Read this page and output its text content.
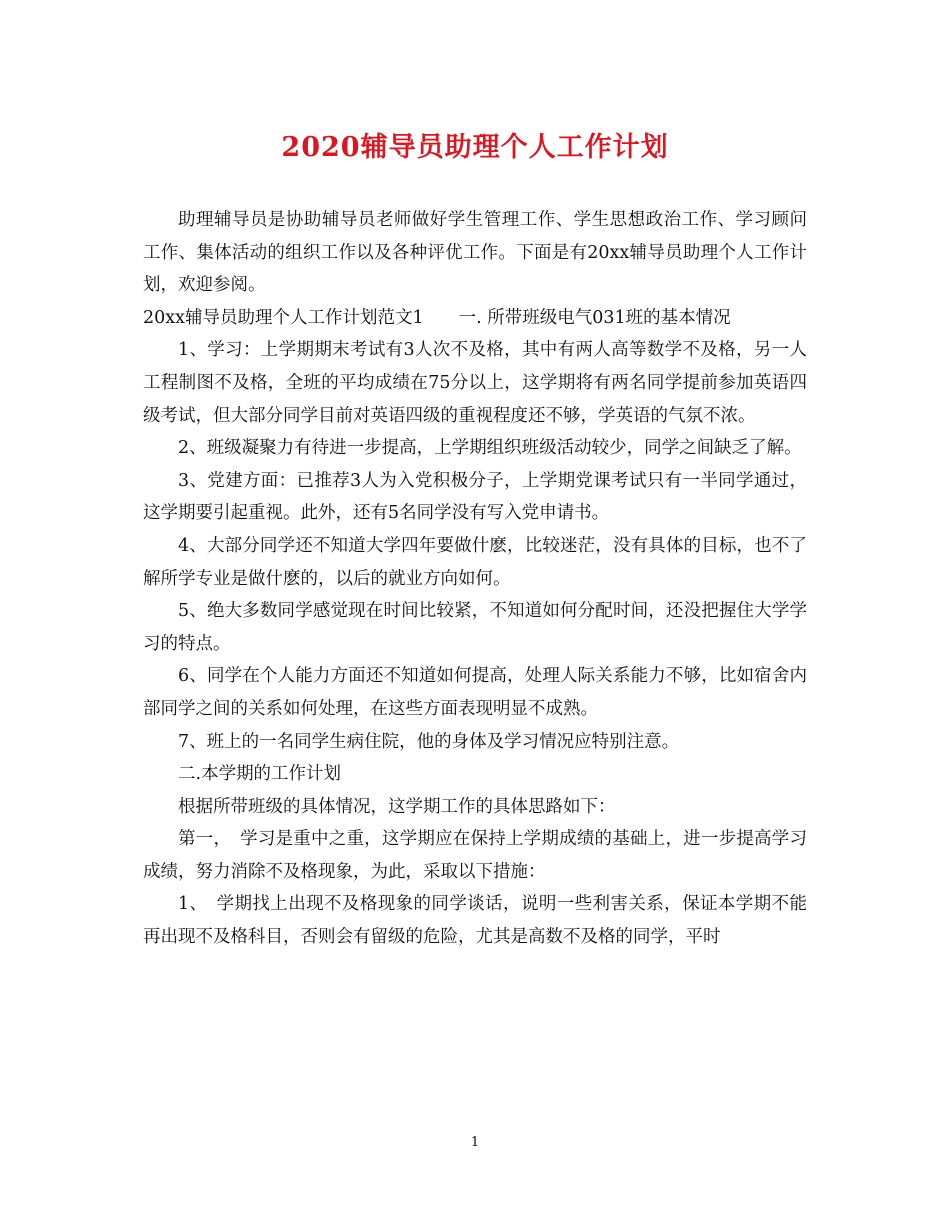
2020辅导员助理个人工作计划

助理辅导员是协助辅导员老师做好学生管理工作、学生思想政治工作、学习顾问工作、集体活动的组织工作以及各种评优工作。下面是有20xx辅导员助理个人工作计划，欢迎参阅。

20xx辅导员助理个人工作计划范文1　　一. 所带班级电气031班的基本情况

1、学习：上学期期末考试有3人次不及格，其中有两人高等数学不及格，另一人工程制图不及格，全班的平均成绩在75分以上，这学期将有两名同学提前参加英语四级考试，但大部分同学目前对英语四级的重视程度还不够，学英语的气氛不浓。

2、班级凝聚力有待进一步提高，上学期组织班级活动较少，同学之间缺乏了解。

3、党建方面：已推荐3人为入党积极分子，上学期党课考试只有一半同学通过，这学期要引起重视。此外，还有5名同学没有写入党申请书。

4、大部分同学还不知道大学四年要做什麽，比较迷茫，没有具体的目标，也不了解所学专业是做什麽的，以后的就业方向如何。

5、绝大多数同学感觉现在时间比较紧，不知道如何分配时间，还没把握住大学学习的特点。

6、同学在个人能力方面还不知道如何提高，处理人际关系能力不够，比如宿舍内部同学之间的关系如何处理，在这些方面表现明显不成熟。

7、班上的一名同学生病住院，他的身体及学习情况应特别注意。

二.本学期的工作计划

根据所带班级的具体情况，这学期工作的具体思路如下：

第一，　学习是重中之重，这学期应在保持上学期成绩的基础上，进一步提高学习成绩，努力消除不及格现象，为此，采取以下措施：

1、　学期找上出现不及格现象的同学谈话，说明一些利害关系，保证本学期不能再出现不及格科目，否则会有留级的危险，尤其是高数不及格的同学，平时

1
